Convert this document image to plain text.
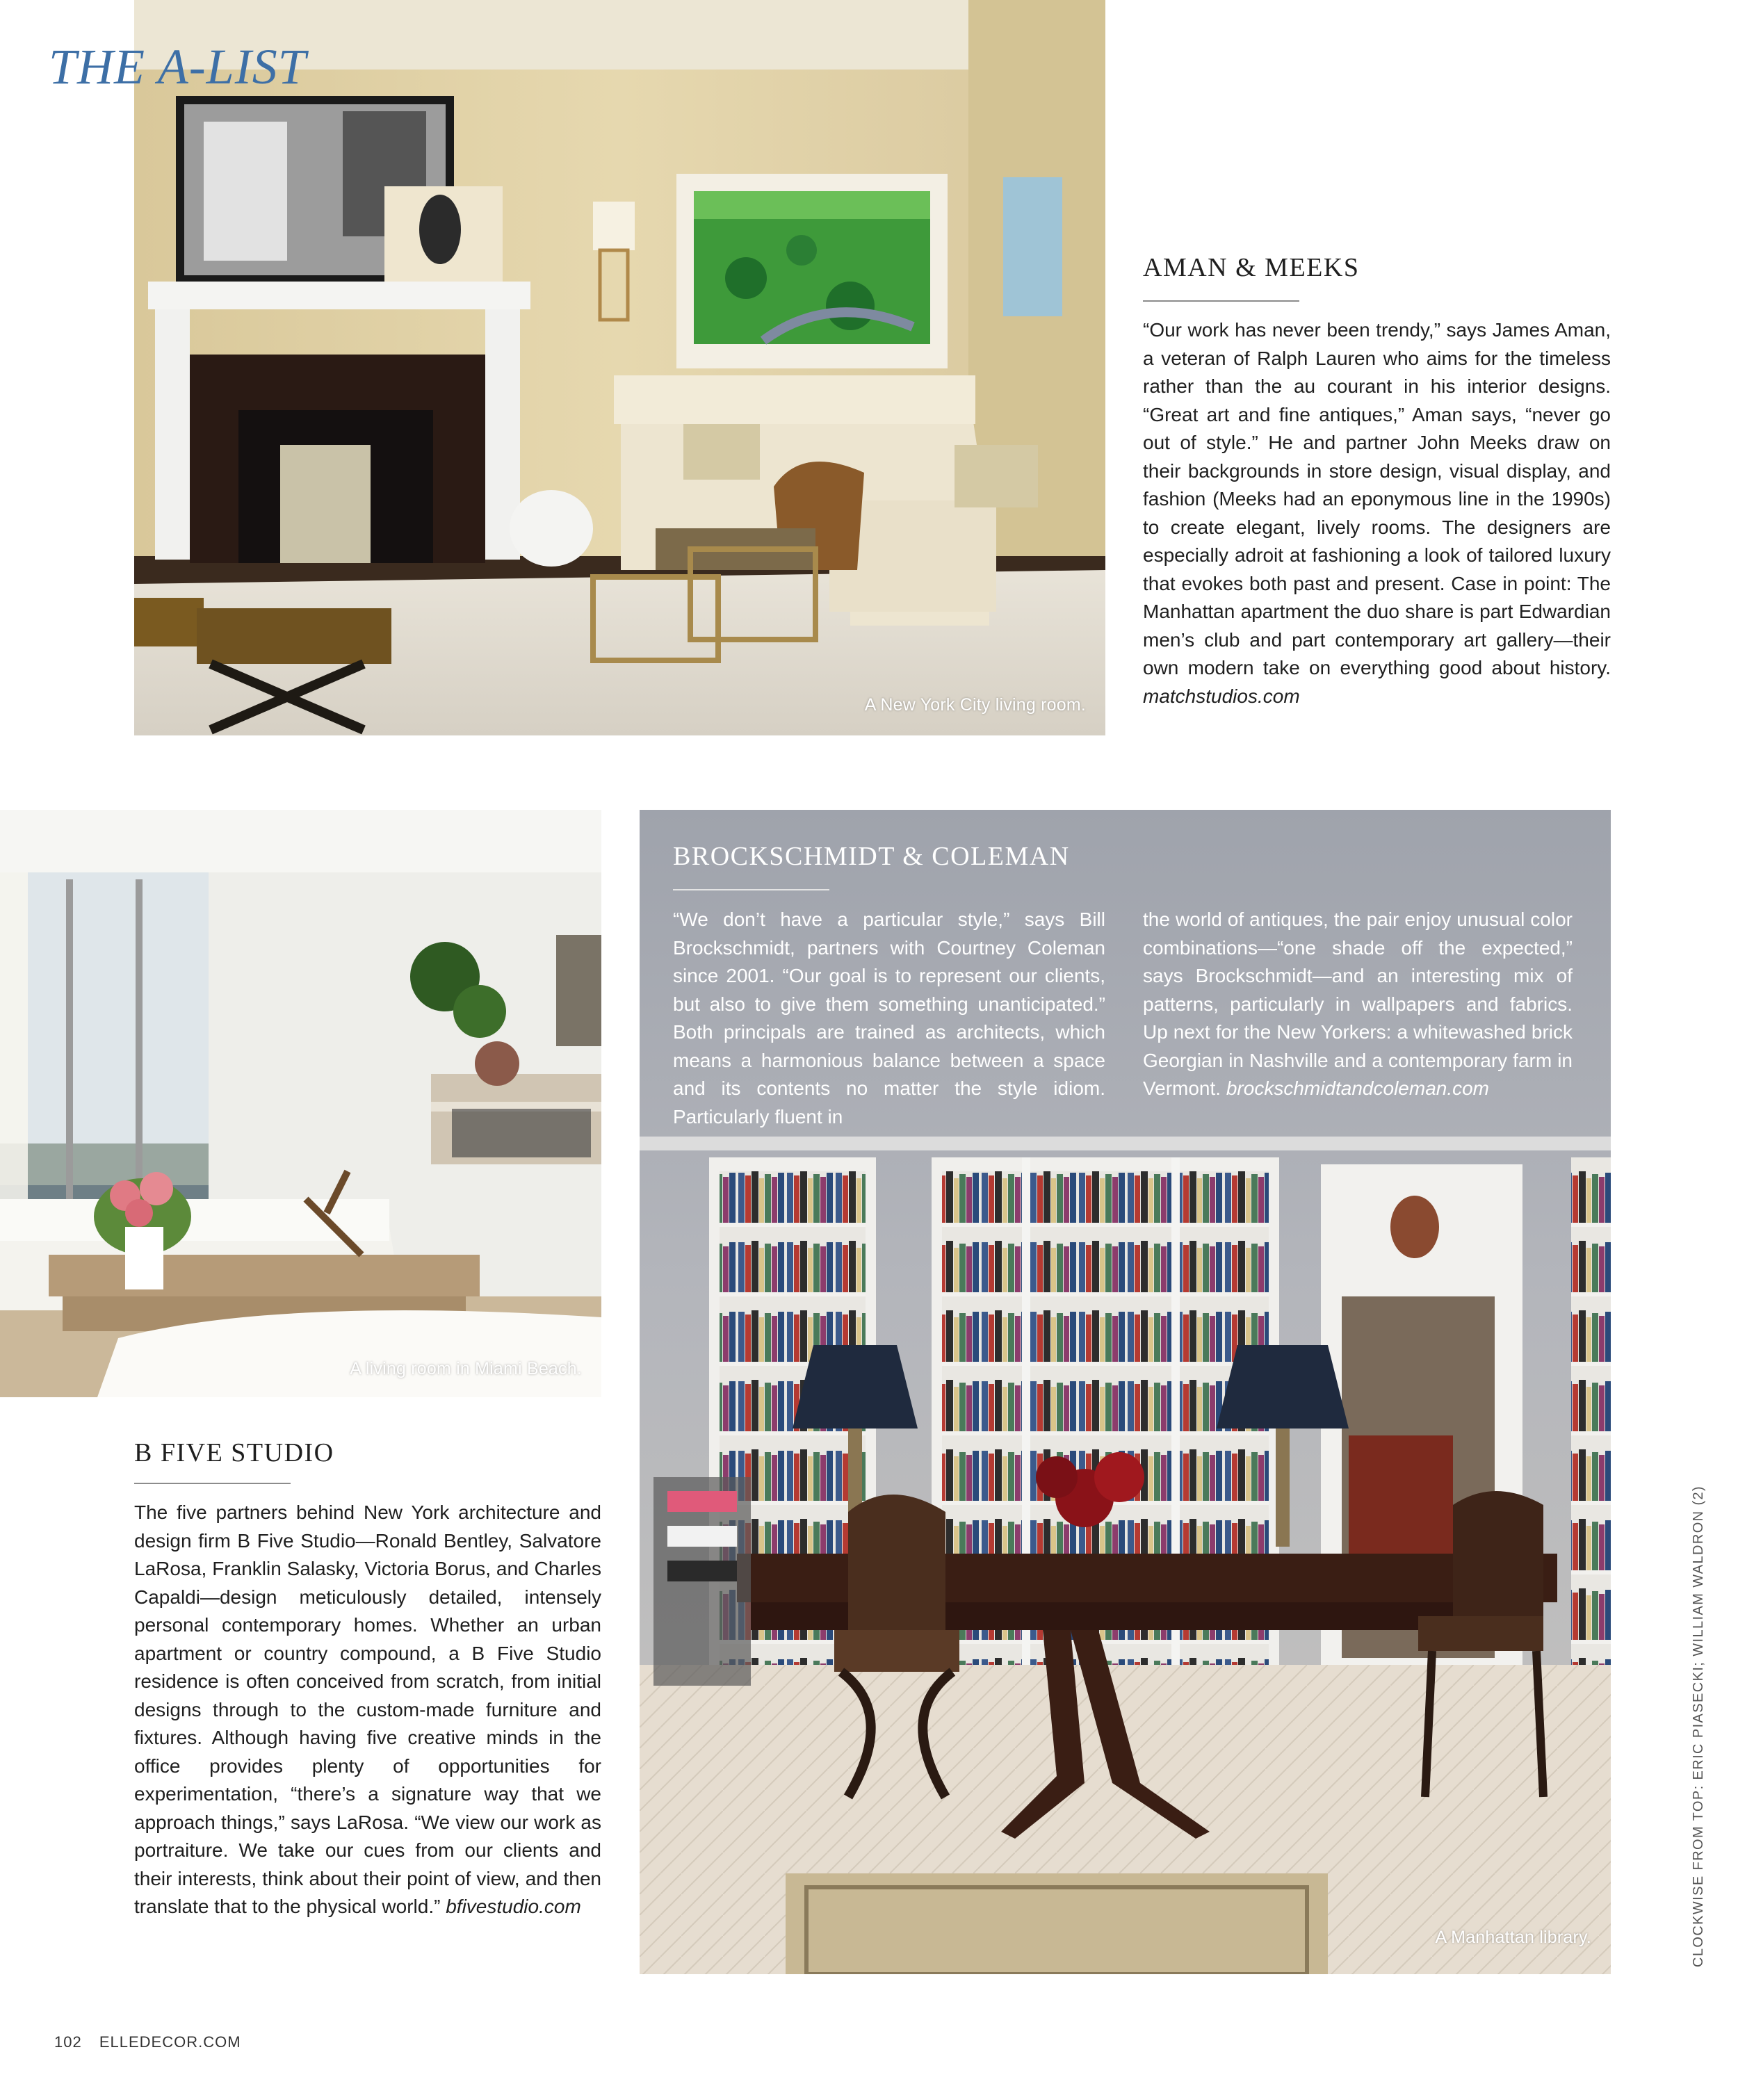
A New York City living room.
THE A-LIST
AMAN & MEEKS
“Our work has never been trendy,” says James Aman, a veteran of Ralph Lauren who aims for the timeless rather than the au courant in his interior designs. “Great art and fine antiques,” Aman says, “never go out of style.” He and partner John Meeks draw on their backgrounds in store design, visual display, and fashion (Meeks had an eponymous line in the 1990s) to create elegant, lively rooms. The designers are especially adroit at fashioning a look of tailored luxury that evokes both past and present. Case in point: The Manhattan apartment the duo share is part Edwardian men’s club and part contemporary art gallery—their own modern take on everything good about history. matchstudios.com
A living room in Miami Beach.
A Manhattan library.
BROCKSCHMIDT & COLEMAN
“We don’t have a particular style,” says Bill Brockschmidt, partners with Courtney Coleman since 2001. “Our goal is to represent our clients, but also to give them something unanticipated.” Both principals are trained as architects, which means a harmonious balance between a space and its contents no matter the style idiom. Particularly fluent in
the world of antiques, the pair enjoy unusual color combinations—“one shade off the expected,” says Brockschmidt—and an interesting mix of patterns, particularly in wallpapers and fabrics. Up next for the New Yorkers: a whitewashed brick Georgian in Nashville and a contemporary farm in Vermont. brockschmidtandcoleman.com
B FIVE STUDIO
The five partners behind New York architecture and design firm B Five Studio—Ronald Bentley, Salvatore LaRosa, Franklin Salasky, Victoria Borus, and Charles Capaldi—design meticulously detailed, intensely personal contemporary homes. Whether an urban apartment or country compound, a B Five Studio residence is often conceived from scratch, from initial designs through to the custom-made furniture and fixtures. Although having five creative minds in the office provides plenty of opportunities for experimentation, “there’s a signature way that we approach things,” says LaRosa. “We view our work as portraiture. We take our cues from our clients and their interests, think about their point of view, and then translate that to the physical world.” bfivestudio.com	CLOCKWISE FROM TOP: ERIC PIASECKI; WILLIAM WALDRON (2)
102 ELLEDECOR.COM
